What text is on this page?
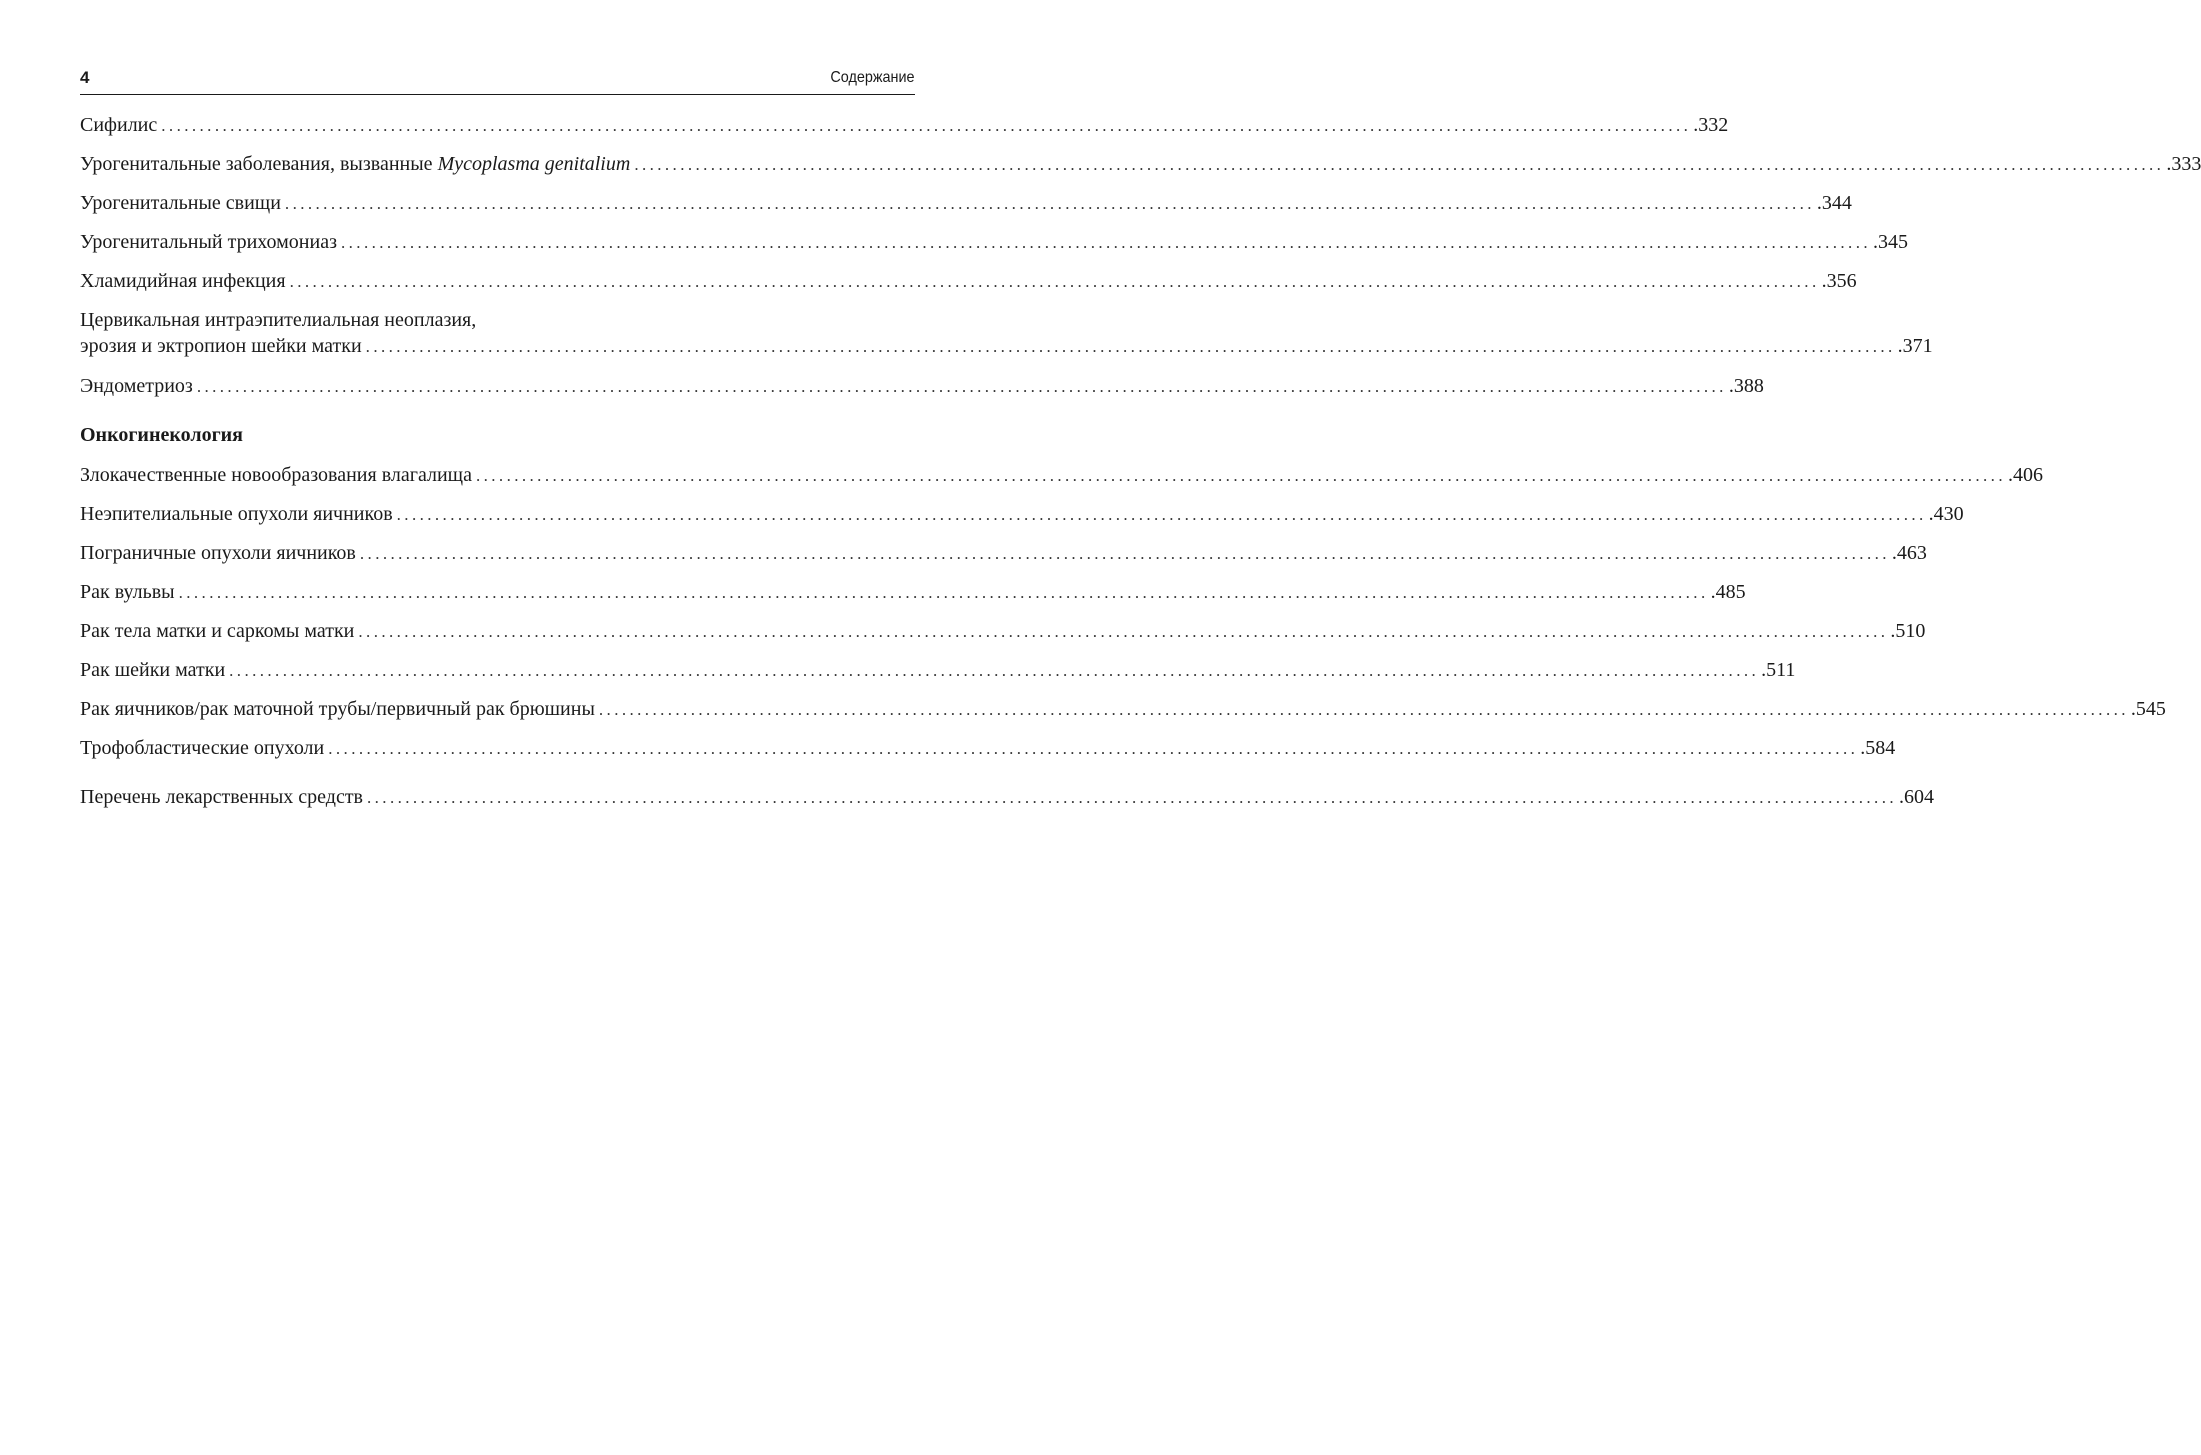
4	Содержание
Сифилис ........................................................................................................................................................................................................ .332
Урогенитальные заболевания, вызванные Mycoplasma genitalium ........................................................................................................................................................................................................ .333
Урогенитальные свищи ........................................................................................................................................................................................................ .344
Урогенитальный трихомониаз ........................................................................................................................................................................................................ .345
Хламидийная инфекция ........................................................................................................................................................................................................ .356
Цервикальная интраэпителиальная неоплазия,
эрозия и эктропион шейки матки ........................................................................................................................................................................................................ .371
Эндометриоз ........................................................................................................................................................................................................ .388
Онкогинекология
Злокачественные новообразования влагалища ........................................................................................................................................................................................................ .406
Неэпителиальные опухоли яичников ........................................................................................................................................................................................................ .430
Пограничные опухоли яичников ........................................................................................................................................................................................................ .463
Рак вульвы ........................................................................................................................................................................................................ .485
Рак тела матки и саркомы матки ........................................................................................................................................................................................................ .510
Рак шейки матки ........................................................................................................................................................................................................ .511
Рак яичников/рак маточной трубы/первичный рак брюшины ........................................................................................................................................................................................................ .545
Трофобластические опухоли ........................................................................................................................................................................................................ .584
Перечень лекарственных средств ........................................................................................................................................................................................................ .604
